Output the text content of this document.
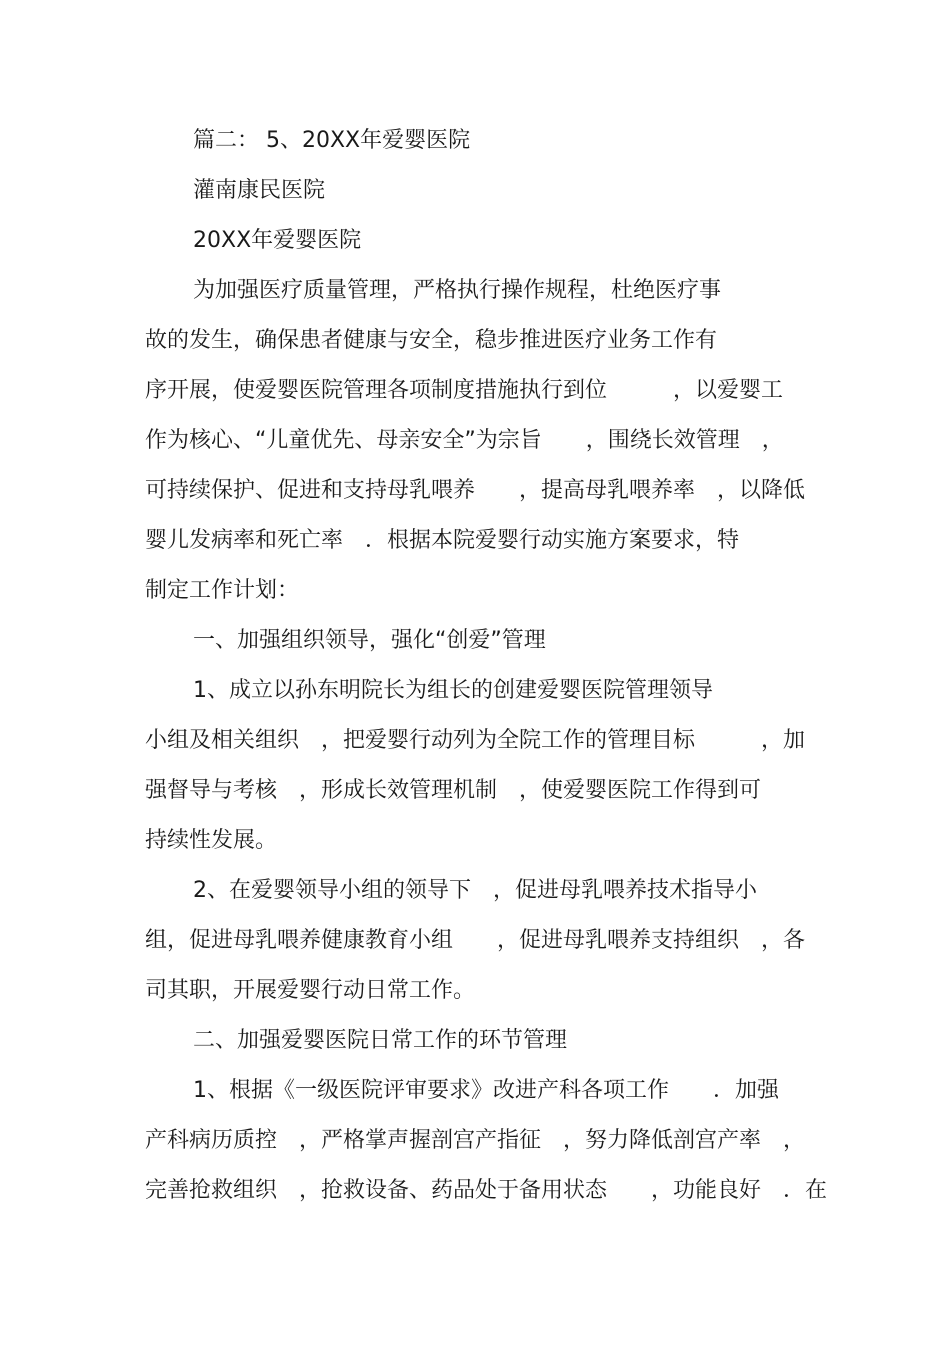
篇二： 5、20XX年爱婴医院
灌南康民医院
20XX年爱婴医院
为加强医疗质量管理，严格执行操作规程，杜绝医疗事
故的发生，确保患者健康与安全，稳步推进医疗业务工作有
序开展，使爱婴医院管理各项制度措施执行到位　　　，以爱婴工
作为核心、“儿童优先、母亲安全”为宗旨　　，围绕长效管理　，
可持续保护、促进和支持母乳喂养　　，提高母乳喂养率　，以降低
婴儿发病率和死亡率　．根据本院爱婴行动实施方案要求，特
制定工作计划：
一、加强组织领导，强化“创爱”管理
1、成立以孙东明院长为组长的创建爱婴医院管理领导
小组及相关组织　，把爱婴行动列为全院工作的管理目标　　　，加
强督导与考核　，形成长效管理机制　，使爱婴医院工作得到可
持续性发展。
2、在爱婴领导小组的领导下　，促进母乳喂养技术指导小
组，促进母乳喂养健康教育小组　　，促进母乳喂养支持组织　，各
司其职，开展爱婴行动日常工作。
二、加强爱婴医院日常工作的环节管理
1、根据《一级医院评审要求》改进产科各项工作　　．加强
产科病历质控　，严格掌声握剖宫产指征　，努力降低剖宫产率　，
完善抢救组织　，抢救设备、药品处于备用状态　　，功能良好　．在
